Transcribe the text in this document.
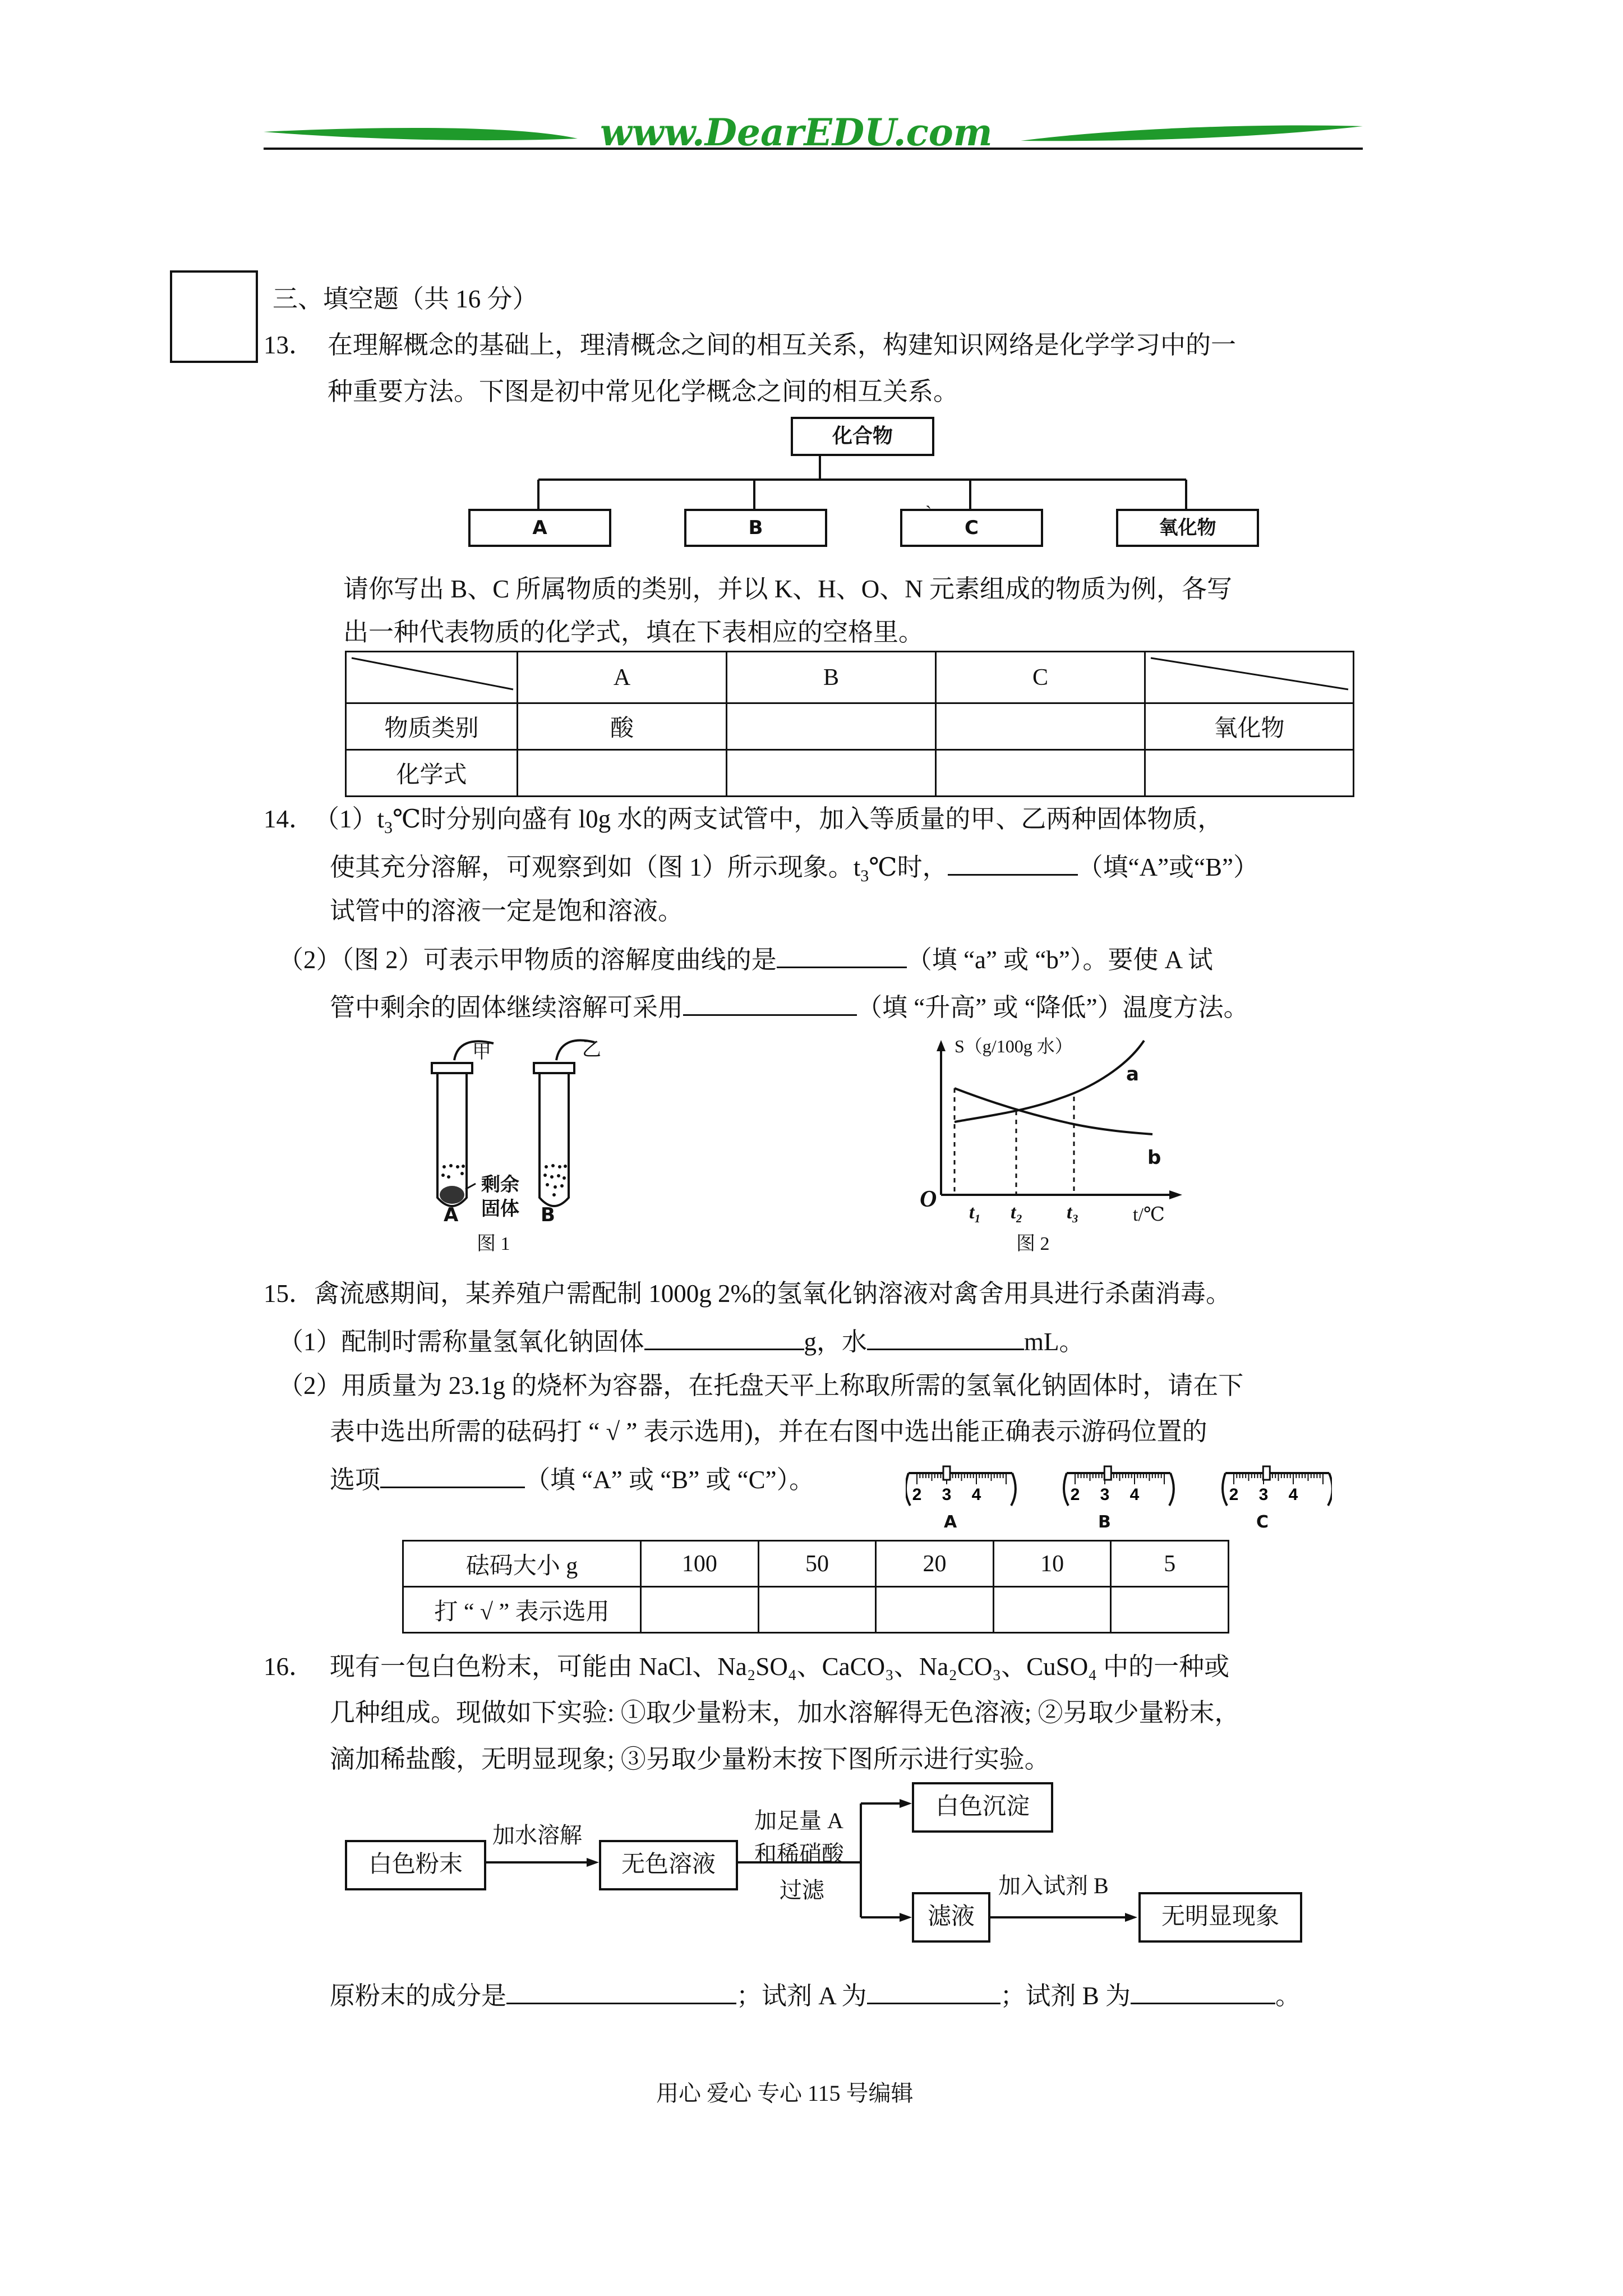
www.DearEDU.com
三、填空题（共 16 分）
13． 在理解概念的基础上，理清概念之间的相互关系，构建知识网络是化学学习中的一
种重要方法。下图是初中常见化学概念之间的相互关系。
化合物
A	B	C
`
氧化物
请你写出 B、C 所属物质的类别，并以 K、H、O、N 元素组成的物质为例，各写
出一种代表物质的化学式，填在下表相应的空格里。
	A	B	C	
物质类别	酸			氧化物
化学式				
14． $(1)t_3℃$时分别向盛有 l0g 水的两支试管中，加入等质量的甲、乙两种固体物质，
使其充分溶解，可观察到如（图 1）所示现象。$t_3℃$时，	（填“A”或“B”）
试管中的溶液一定是饱和溶液。
（2）（图 2）可表示甲物质的溶解度曲线的是	（填 “a” 或 “b”）。要使 A 试
管中剩余的固体继续溶解可采用	（填 “升高” 或 “降低”）温度方法。
甲	乙
剩余
固体
A	B
图 1
S（g/100g 水）
a
b
O
t₁ t₂ t₃	t/℃
图 2
15． 禽流感期间，某养殖户需配制 1000g 2%的氢氧化钠溶液对禽舍用具进行杀菌消毒。
（1）配制时需称量氢氧化钠固体	g，水	mL。
（2）用质量为 23.1g 的烧杯为容器，在托盘天平上称取所需的氢氧化钠固体时，请在下
表中选出所需的砝码打 “ √ ” 表示选用)，并在右图中选出能正确表示游码位置的
选项	（填 “A” 或 “B” 或 “C”）。
2 3 4	2 3 4	2 3 4
A	B	C
砝码大小 g	100	50	20	10	5
打 “ √ ” 表示选用					
16． 现有一包白色粉末，可能由 NaCl、Na₂SO₄、CaCO₃、Na₂CO₃、CuSO₄ 中的一种或
几种组成。现做如下实验: ①取少量粉末，加水溶解得无色溶液; ②另取少量粉末，
滴加稀盐酸，无明显现象; ③另取少量粉末按下图所示进行实验。
白色粉末
加水溶解
无色溶液
加足量 A
和稀硝酸
过滤
白色沉淀
滤液
加入试剂 B
无明显现象
原粉末的成分是	；试剂 A 为	；试剂 B 为	。
用心 爱心 专心 115 号编辑
